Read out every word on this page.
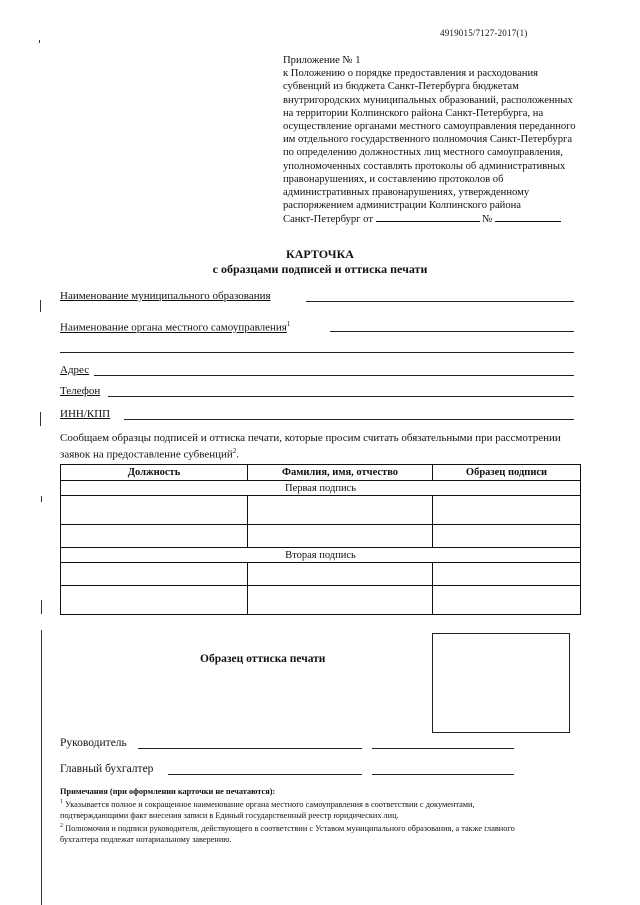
4919015/7127-2017(1)
Приложение № 1
к Положению о порядке предоставления и расходования
субвенций из бюджета Санкт-Петербурга бюджетам
внутригородских муниципальных образований, расположенных
на территории Колпинского района Санкт-Петербурга, на
осуществление органами местного самоуправления переданного
им отдельного государственного полномочия Санкт-Петербурга
по определению должностных лиц местного самоуправления,
уполномоченных составлять протоколы об административных
правонарушениях, и составлению протоколов об
административных правонарушениях, утвержденному
распоряжением администрации Колпинского района
Санкт-Петербург от	№
КАРТОЧКА
с образцами подписей и оттиска печати
Наименование муниципального образования
Наименование органа местного самоуправления$^1$
Адрес
Телефон
ИНН/КПП
Сообщаем образцы подписей и оттиска печати, которые просим считать обязательными при рассмотрении заявок на предоставление субвенций$^2$.
Должность	Фамилия, имя, отчество	Образец подписи
Первая подпись		

Вторая подпись		

Образец оттиска печати
Руководитель
Главный бухгалтер
Примечания (при оформлении карточки не печатаются):
$^1$ Указывается полное и сокращенное наименование органа местного самоуправления в соответствии с документами,
подтверждающими факт внесения записи в Единый государственный реестр юридических лиц.
$^2$ Полномочия и подписи руководителя, действующего в соответствии с Уставом муниципального образования, а также главного
бухгалтера подлежат нотариальному заверению.
